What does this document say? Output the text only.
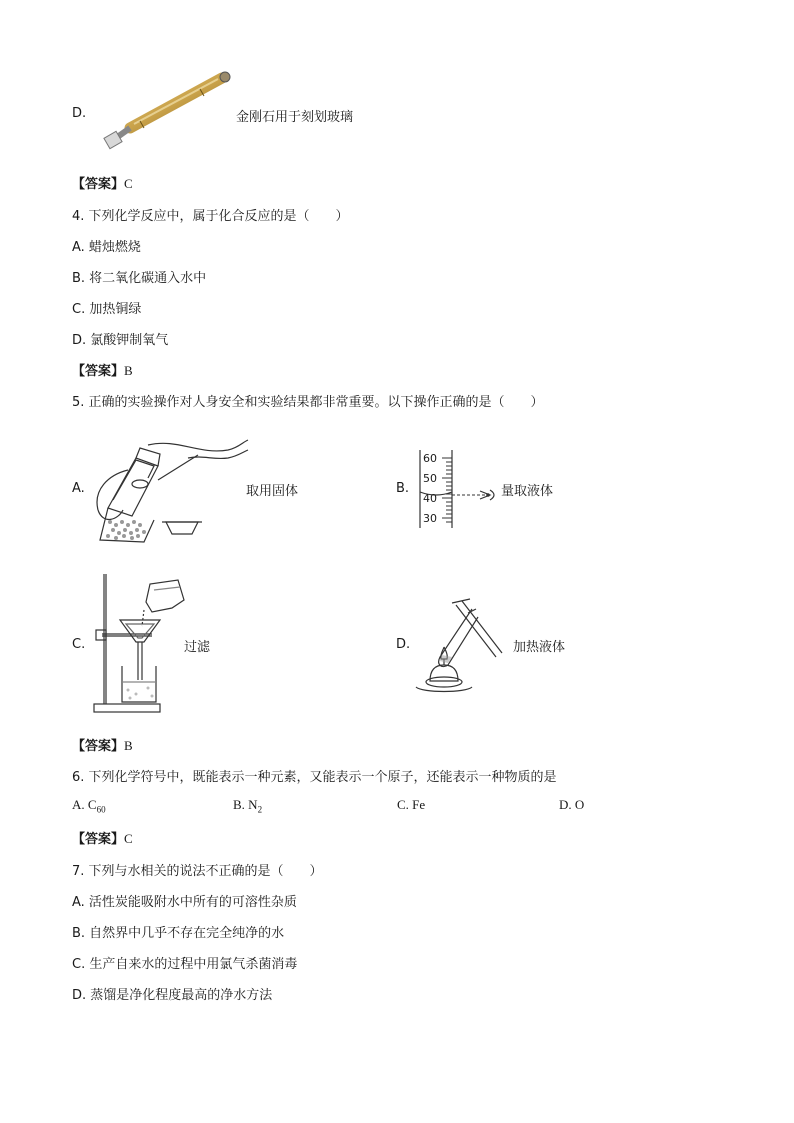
D.	金刚石用于刻划玻璃
【答案】C
4. 下列化学反应中，属于化合反应的是（　　）
A. 蜡烛燃烧
B. 将二氧化碳通入水中
C. 加热铜绿
D. 氯酸钾制氧气
【答案】B
5. 正确的实验操作对人身安全和实验结果都非常重要。以下操作正确的是（　　）
A.	取用固体	B.
60
50
40
30
量取液体
C.	过滤	D.	加热液体
【答案】B
6. 下列化学符号中，既能表示一种元素，又能表示一个原子，还能表示一种物质的是
A. $C_{60}$	B. $N_2$	C. Fe	D. O
【答案】C
7. 下列与水相关的说法不正确的是（　　）
A. 活性炭能吸附水中所有的可溶性杂质
B. 自然界中几乎不存在完全纯净的水
C. 生产自来水的过程中用氯气杀菌消毒
D. 蒸馏是净化程度最高的净水方法
